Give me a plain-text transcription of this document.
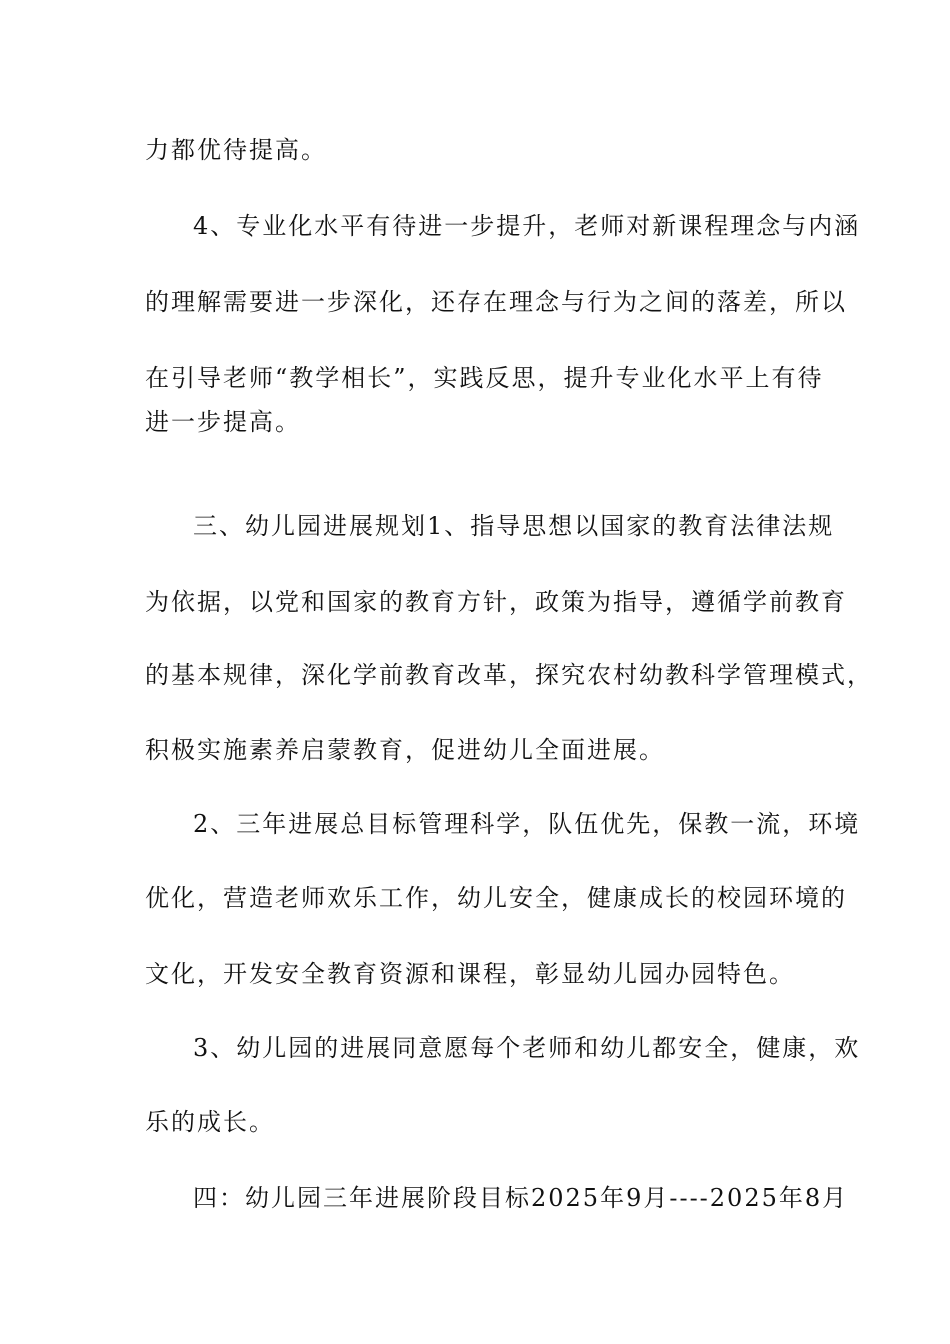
力都优待提高。

4、专业化水平有待进一步提升，老师对新课程理念与内涵

的理解需要进一步深化，还存在理念与行为之间的落差，所以

在引导老师“教学相长”，实践反思，提升专业化水平上有待

进一步提高。

三、幼儿园进展规划1、指导思想以国家的教育法律法规

为依据，以党和国家的教育方针，政策为指导，遵循学前教育

的基本规律，深化学前教育改革，探究农村幼教科学管理模式，

积极实施素养启蒙教育，促进幼儿全面进展。

2、三年进展总目标管理科学，队伍优先，保教一流，环境

优化，营造老师欢乐工作，幼儿安全，健康成长的校园环境的

文化，开发安全教育资源和课程，彰显幼儿园办园特色。

3、幼儿园的进展同意愿每个老师和幼儿都安全，健康，欢

乐的成长。

四：幼儿园三年进展阶段目标2025年9月----2025年8月
